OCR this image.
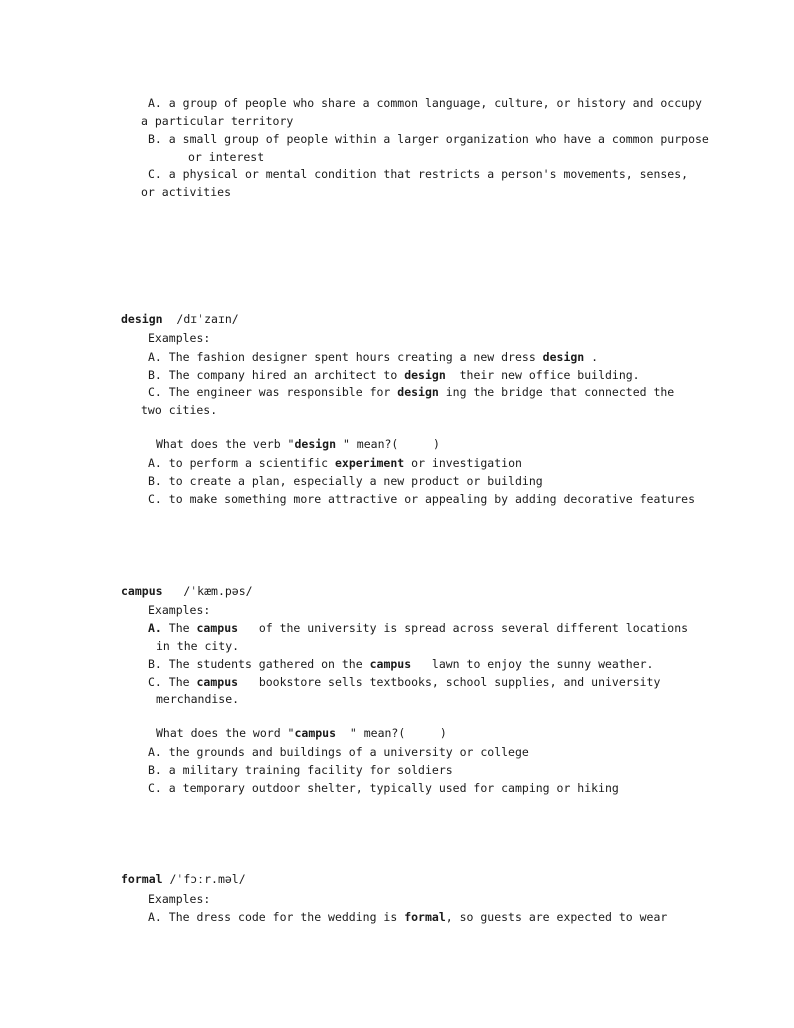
A. a group of people who share a common language, culture, or history and occupy
a particular territory
B. a small group of people within a larger organization who have a common purpose
or interest
C. a physical or mental condition that restricts a person's movements, senses,
or activities
design /dɪˈzaɪn/
Examples:
A. The fashion designer spent hours creating a new dress design .
B. The company hired an architect to design  their new office building.
C. The engineer was responsible for design ing the bridge that connected the
two cities.
What does the verb "design " mean?(     )
A. to perform a scientific experiment or investigation
B. to create a plan, especially a new product or building
C. to make something more attractive or appealing by adding decorative features
campus /ˈkæm.pəs/
Examples:
A. The campus   of the university is spread across several different locations
in the city.
B. The students gathered on the campus   lawn to enjoy the sunny weather.
C. The campus   bookstore sells textbooks, school supplies, and university
merchandise.
What does the word "campus  " mean?(     )
A. the grounds and buildings of a university or college
B. a military training facility for soldiers
C. a temporary outdoor shelter, typically used for camping or hiking
formal /ˈfɔːr.məl/
Examples:
A. The dress code for the wedding is formal, so guests are expected to wear
